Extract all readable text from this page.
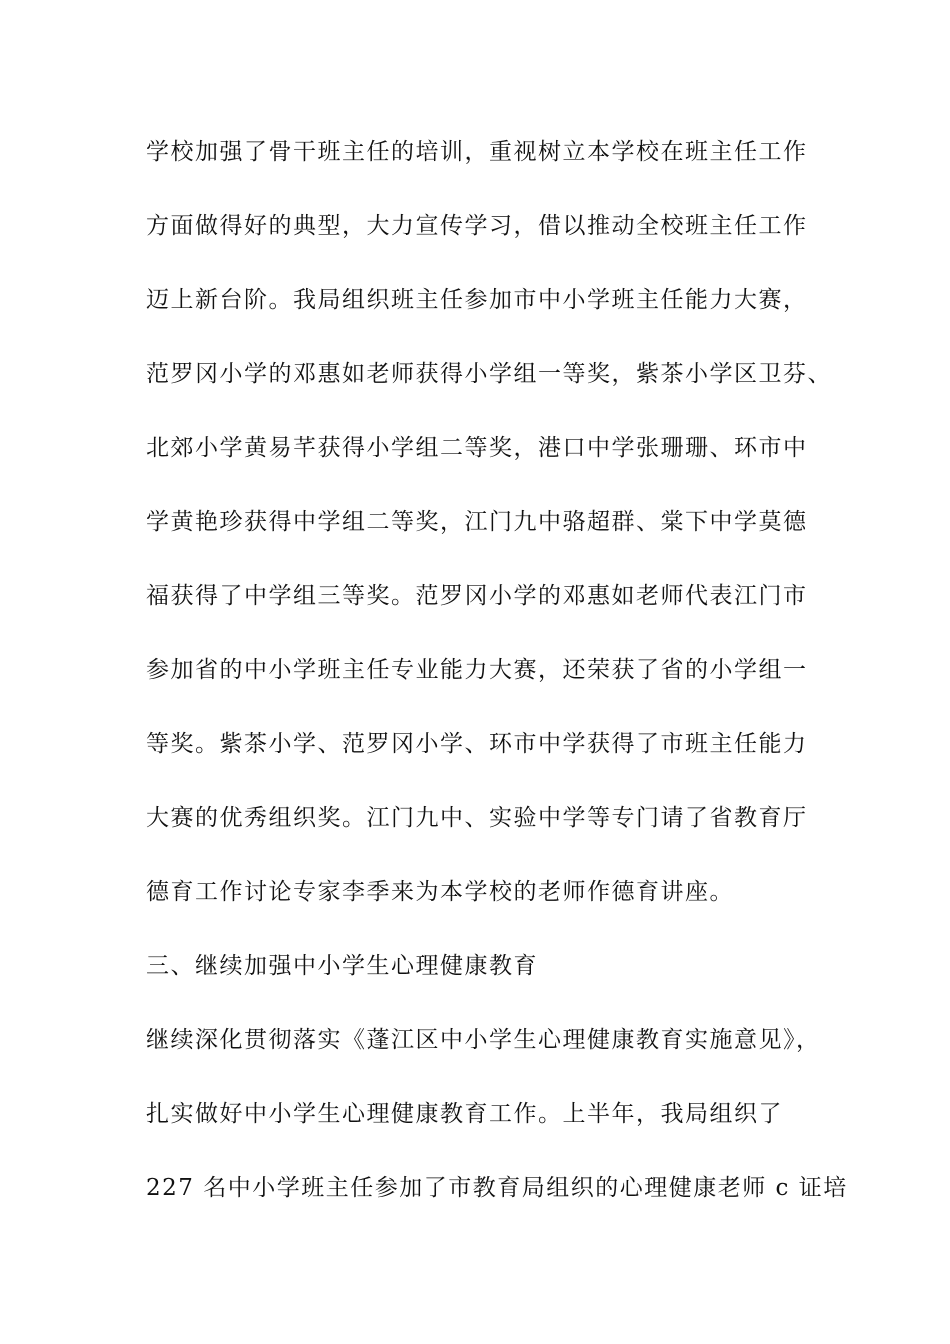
学校加强了骨干班主任的培训，重视树立本学校在班主任工作
方面做得好的典型，大力宣传学习，借以推动全校班主任工作
迈上新台阶。我局组织班主任参加市中小学班主任能力大赛，
范罗冈小学的邓惠如老师获得小学组一等奖，紫茶小学区卫芬、
北郊小学黄易芊获得小学组二等奖，港口中学张珊珊、环市中
学黄艳珍获得中学组二等奖，江门九中骆超群、棠下中学莫德
福获得了中学组三等奖。范罗冈小学的邓惠如老师代表江门市
参加省的中小学班主任专业能力大赛，还荣获了省的小学组一
等奖。紫茶小学、范罗冈小学、环市中学获得了市班主任能力
大赛的优秀组织奖。江门九中、实验中学等专门请了省教育厅
德育工作讨论专家李季来为本学校的老师作德育讲座。
三、继续加强中小学生心理健康教育
继续深化贯彻落实《蓬江区中小学生心理健康教育实施意见》，
扎实做好中小学生心理健康教育工作。上半年，我局组织了
227 名中小学班主任参加了市教育局组织的心理健康老师 c 证培
